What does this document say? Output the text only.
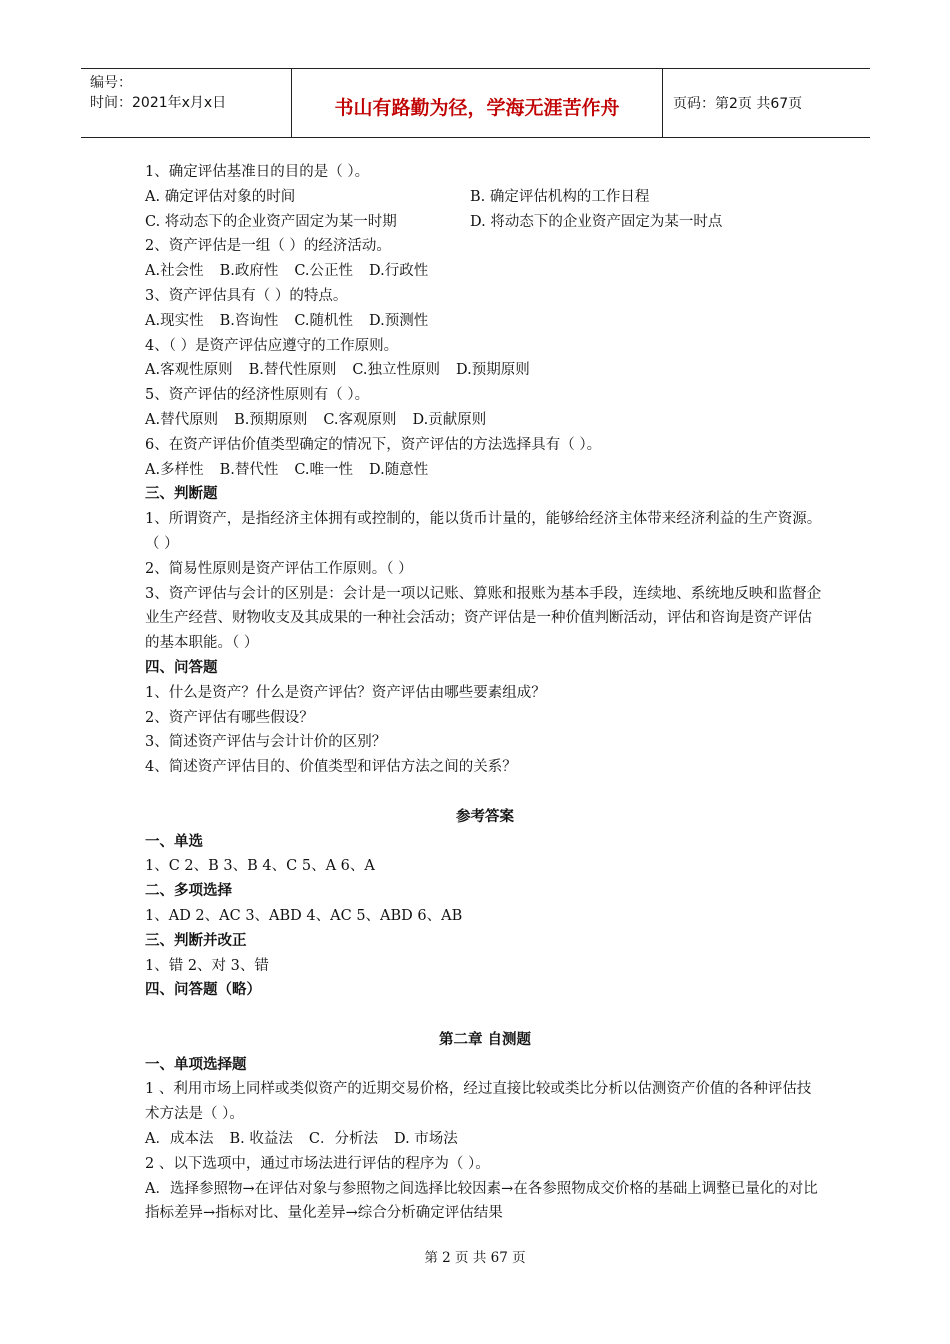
编号：
时间：2021年x月x日	书山有路勤为径，学海无涯苦作舟	页码：第2页 共67页
1、确定评估基准日的目的是（ ）。
A. 确定评估对象的时间	B. 确定评估机构的工作日程
C. 将动态下的企业资产固定为某一时期	D. 将动态下的企业资产固定为某一时点
2、资产评估是一组（ ）的经济活动。
A.社会性 B.政府性 C.公正性 D.行政性
3、资产评估具有（ ）的特点。
A.现实性 B.咨询性 C.随机性 D.预测性
4、（ ）是资产评估应遵守的工作原则。
A.客观性原则 B.替代性原则 C.独立性原则 D.预期原则
5、资产评估的经济性原则有（ ）。
A.替代原则 B.预期原则 C.客观原则 D.贡献原则
6、在资产评估价值类型确定的情况下，资产评估的方法选择具有（ ）。
A.多样性 B.替代性 C.唯一性 D.随意性
三、判断题
1、所谓资产，是指经济主体拥有或控制的，能以货币计量的，能够给经济主体带来经济利益的生产资源。（ ）
2、简易性原则是资产评估工作原则。（ ）
3、资产评估与会计的区别是：会计是一项以记账、算账和报账为基本手段，连续地、系统地反映和监督企业生产经营、财物收支及其成果的一种社会活动；资产评估是一种价值判断活动，评估和咨询是资产评估的基本职能。（ ）
四、问答题
1、什么是资产？什么是资产评估？资产评估由哪些要素组成？
2、资产评估有哪些假设？
3、简述资产评估与会计计价的区别？
4、简述资产评估目的、价值类型和评估方法之间的关系？
参考答案
一、单选
1、C 2、B 3、B 4、C 5、A 6、A
二、多项选择
1、AD 2、AC 3、ABD 4、AC 5、ABD 6、AB
三、判断并改正
1、错 2、对 3、错
四、问答题（略）
第二章 自测题
一、单项选择题
1 、利用市场上同样或类似资产的近期交易价格，经过直接比较或类比分析以估测资产价值的各种评估技术方法是（ ）。
A．成本法 B. 收益法 C．分析法 D. 市场法
2 、以下选项中，通过市场法进行评估的程序为（ ）。
A．选择参照物→在评估对象与参照物之间选择比较因素→在各参照物成交价格的基础上调整已量化的对比指标差异→指标对比、量化差异→综合分析确定评估结果
第 2 页 共 67 页
